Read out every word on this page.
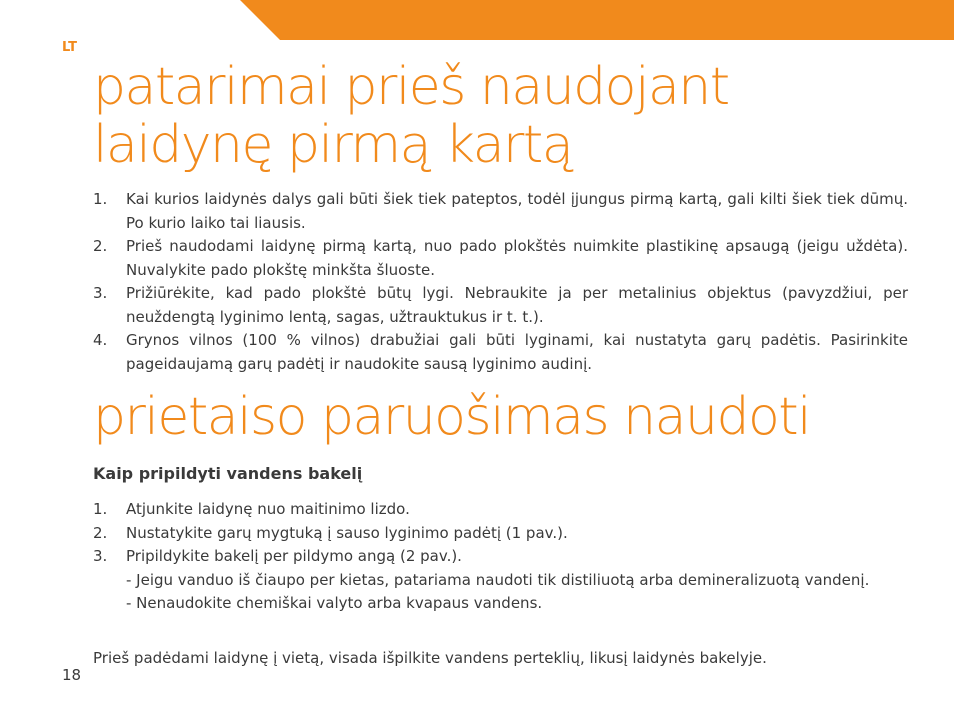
LT
patarimai prieš naudojant
laidynę pirmą kartą
1. Kai kurios laidynės dalys gali būti šiek tiek pateptos, todėl įjungus pirmą kartą, gali kilti šiek tiek dūmų. Po kurio laiko tai liausis.
2. Prieš naudodami laidynę pirmą kartą, nuo pado plokštės nuimkite plastikinę apsaugą (jeigu uždėta). Nuvalykite pado plokštę minkšta šluoste.
3. Prižiūrėkite, kad pado plokštė būtų lygi. Nebraukite ja per metalinius objektus (pavyzdžiui, per neuždengtą lyginimo lentą, sagas, užtrauktukus ir t. t.).
4. Grynos vilnos (100 % vilnos) drabužiai gali būti lyginami, kai nustatyta garų padėtis. Pasirinkite pageidaujamą garų padėtį ir naudokite sausą lyginimo audinį.
prietaiso paruošimas naudoti
Kaip pripildyti vandens bakelį
1. Atjunkite laidynę nuo maitinimo lizdo.
2. Nustatykite garų mygtuką į sauso lyginimo padėtį (1 pav.).
3. Pripildykite bakelį per pildymo angą (2 pav.).
- Jeigu vanduo iš čiaupo per kietas, patariama naudoti tik distiliuotą arba demineralizuotą vandenį.
- Nenaudokite chemiškai valyto arba kvapaus vandens.
Prieš padėdami laidynę į vietą, visada išpilkite vandens perteklių, likusį laidynės bakelyje.
18
